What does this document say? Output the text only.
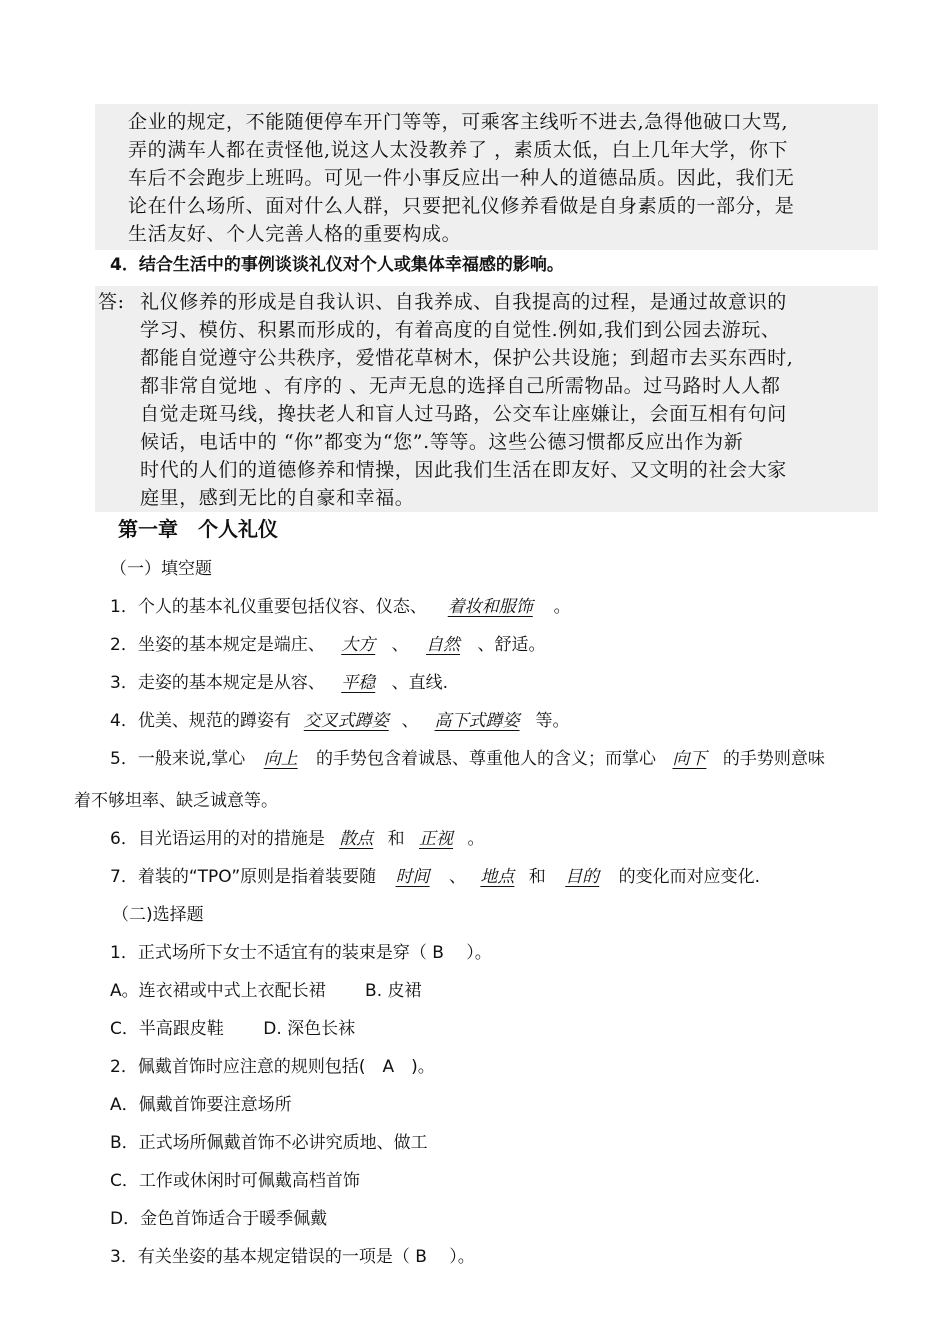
企业的规定，不能随便停车开门等等，可乘客主线听不进去,急得他破口大骂,
弄的满车人都在责怪他,说这人太没教养了 ，素质太低，白上几年大学，你下
车后不会跑步上班吗。可见一件小事反应出一种人的道德品质。因此，我们无
论在什么场所、面对什么人群，只要把礼仪修养看做是自身素质的一部分，是
生活友好、个人完善人格的重要构成。
4．结合生活中的事例谈谈礼仪对个人或集体幸福感的影响。
答: 礼仪修养的形成是自我认识、自我养成、自我提高的过程，是通过故意识的
学习、模仿、积累而形成的，有着高度的自觉性.例如,我们到公园去游玩、
都能自觉遵守公共秩序，爱惜花草树木，保护公共设施；到超市去买东西时,
都非常自觉地 、有序的 、无声无息的选择自己所需物品。过马路时人人都
自觉走斑马线，搀扶老人和盲人过马路，公交车让座嫌让，会面互相有句问
候话，电话中的 “你”都变为“您”.等等。这些公德习惯都反应出作为新
时代的人们的道德修养和情操，因此我们生活在即友好、又文明的社会大家
庭里，感到无比的自豪和幸福。
第一章　个人礼仪
（一）填空题
1．个人的基本礼仪重要包括仪容、仪态、 着妆和服饰 。
2．坐姿的基本规定是端庄、 大方 、 自然 、舒适。
3．走姿的基本规定是从容、 平稳 、直线.
4．优美、规范的蹲姿有 交叉式蹲姿 、 高下式蹲姿 等。
5．一般来说,掌心 向上 的手势包含着诚恳、尊重他人的含义；而掌心 向下 的手势则意味
着不够坦率、缺乏诚意等。
6．目光语运用的对的措施是 散点 和 正视 。
7．着装的“TPO”原则是指着装要随 时间 、 地点 和 目的 的变化而对应变化.
（二)选择题
1．正式场所下女士不适宜有的装束是穿（ B　 ）。
A。连衣裙或中式上衣配长裙　　 B. 皮裙
C．半高跟皮鞋　　 D. 深色长袜
2．佩戴首饰时应注意的规则包括(　A　)。
A．佩戴首饰要注意场所
B．正式场所佩戴首饰不必讲究质地、做工
C．工作或休闲时可佩戴高档首饰
D．金色首饰适合于暖季佩戴
3．有关坐姿的基本规定错误的一项是（ B　 ）。
